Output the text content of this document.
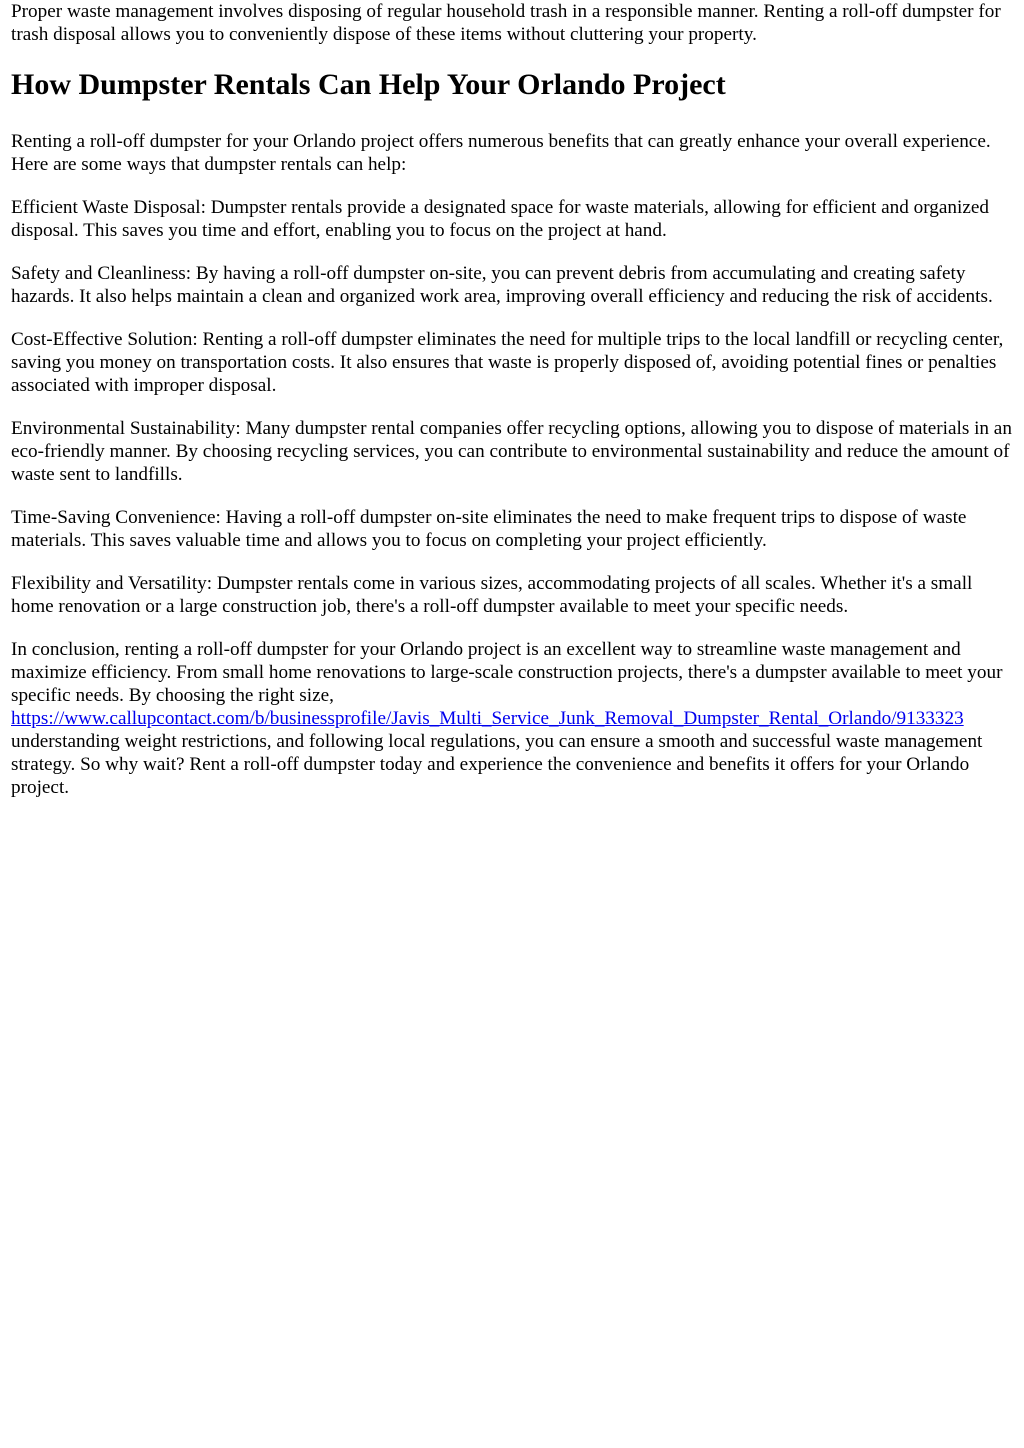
Proper waste management involves disposing of regular household trash in a responsible manner. Renting a roll-off dumpster for trash disposal allows you to conveniently dispose of these items without cluttering your property.

How Dumpster Rentals Can Help Your Orlando Project

Renting a roll-off dumpster for your Orlando project offers numerous benefits that can greatly enhance your overall experience. Here are some ways that dumpster rentals can help:

Efficient Waste Disposal: Dumpster rentals provide a designated space for waste materials, allowing for efficient and organized disposal. This saves you time and effort, enabling you to focus on the project at hand.

Safety and Cleanliness: By having a roll-off dumpster on-site, you can prevent debris from accumulating and creating safety hazards. It also helps maintain a clean and organized work area, improving overall efficiency and reducing the risk of accidents.

Cost-Effective Solution: Renting a roll-off dumpster eliminates the need for multiple trips to the local landfill or recycling center, saving you money on transportation costs. It also ensures that waste is properly disposed of, avoiding potential fines or penalties associated with improper disposal.

Environmental Sustainability: Many dumpster rental companies offer recycling options, allowing you to dispose of materials in an eco-friendly manner. By choosing recycling services, you can contribute to environmental sustainability and reduce the amount of waste sent to landfills.

Time-Saving Convenience: Having a roll-off dumpster on-site eliminates the need to make frequent trips to dispose of waste materials. This saves valuable time and allows you to focus on completing your project efficiently.

Flexibility and Versatility: Dumpster rentals come in various sizes, accommodating projects of all scales. Whether it's a small home renovation or a large construction job, there's a roll-off dumpster available to meet your specific needs.

In conclusion, renting a roll-off dumpster for your Orlando project is an excellent way to streamline waste management and maximize efficiency. From small home renovations to large-scale construction projects, there's a dumpster available to meet your specific needs. By choosing the right size, https://www.callupcontact.com/b/businessprofile/Javis_Multi_Service_Junk_Removal_Dumpster_Rental_Orlando/9133323 understanding weight restrictions, and following local regulations, you can ensure a smooth and successful waste management strategy. So why wait? Rent a roll-off dumpster today and experience the convenience and benefits it offers for your Orlando project.
